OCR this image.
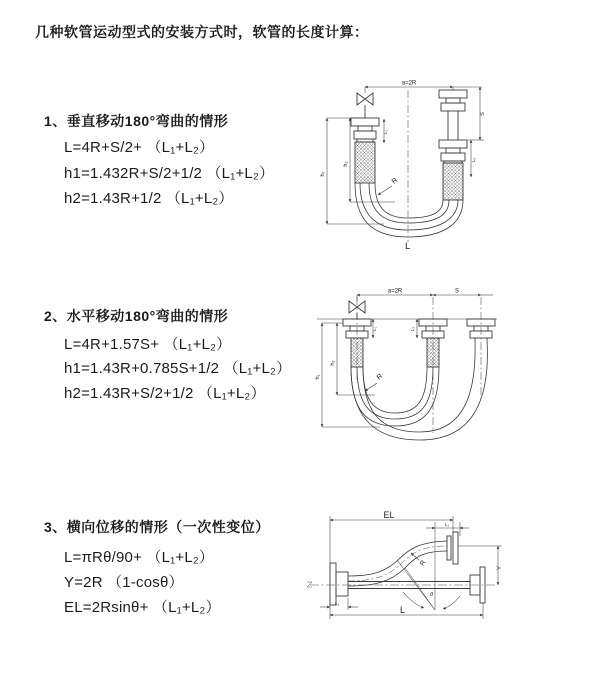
几种软管运动型式的安装方式时，软管的长度计算：
1、垂直移动180°弯曲的情形
L=4R+S/2+ （L₁+L₂）
h1=1.432R+S/2+1/2 （L₁+L₂）
h2=1.43R+1/2 （L₁+L₂）
2、水平移动180°弯曲的情形
L=4R+1.57S+ （L₁+L₂）
h1=1.43R+0.785S+1/2 （L₁+L₂）
h2=1.43R+S/2+1/2 （L₁+L₂）
3、横向位移的情形（一次性变位）
L=πRθ/90+ （L₁+L₂）
Y=2R （1-cosθ）
EL=2Rsinθ+ （L₁+L₂）
a=2R
S
L₁
L₂
h₁
h₂
R
L
a=2R	S
h₁
h₂
L₁	L₂
R
EL
L₂
Y
R
θ
L
L₁
